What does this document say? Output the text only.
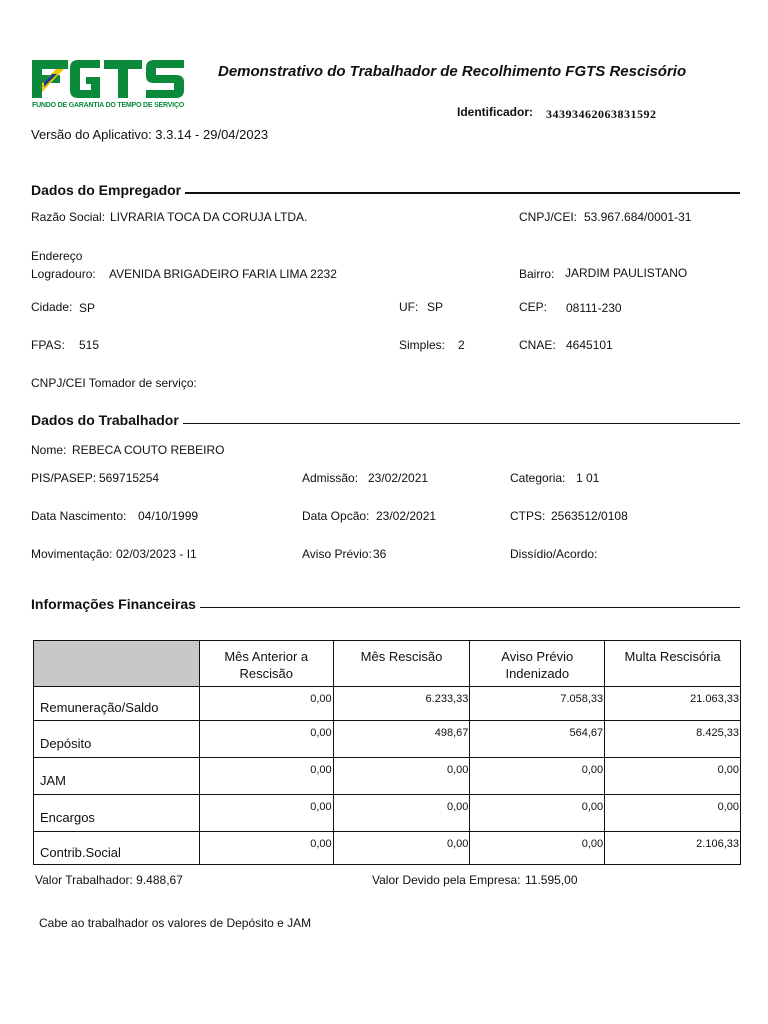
FUNDO DE GARANTIA DO TEMPO DE SERVIÇO
Demonstrativo do Trabalhador de Recolhimento FGTS Rescisório
Identificador: 34393462063831592
Versão do Aplicativo: 3.3.14 - 29/04/2023
Dados do Empregador
Razão Social: LIVRARIA TOCA DA CORUJA LTDA.	CNPJ/CEI: 53.967.684/0001-31
Endereço
Logradouro: AVENIDA BRIGADEIRO FARIA LIMA 2232	Bairro: JARDIM PAULISTANO
Cidade: SP	UF: SP	CEP: 08111-230
FPAS: 515	Simples: 2	CNAE: 4645101
CNPJ/CEI Tomador de serviço:
Dados do Trabalhador
Nome: REBECA COUTO REBEIRO
PIS/PASEP: 569715254	Admissão: 23/02/2021	Categoria: 1 01
Data Nascimento: 04/10/1999	Data Opcão: 23/02/2021	CTPS: 2563512/0108
Movimentação: 02/03/2023 - I1	Aviso Prévio: 36	Dissídio/Acordo:
Informações Financeiras
	Mês Anterior a Rescisão	Mês Rescisão	Aviso Prévio Indenizado	Multa Rescisória
Remuneração/Saldo	0,00	6.233,33	7.058,33	21.063,33
Depósito	0,00	498,67	564,67	8.425,33
JAM	0,00	0,00	0,00	0,00
Encargos	0,00	0,00	0,00	0,00
Contrib.Social	0,00	0,00	0,00	2.106,33
Valor Trabalhador: 9.488,67	Valor Devido pela Empresa: 11.595,00
Cabe ao trabalhador os valores de Depósito e JAM
